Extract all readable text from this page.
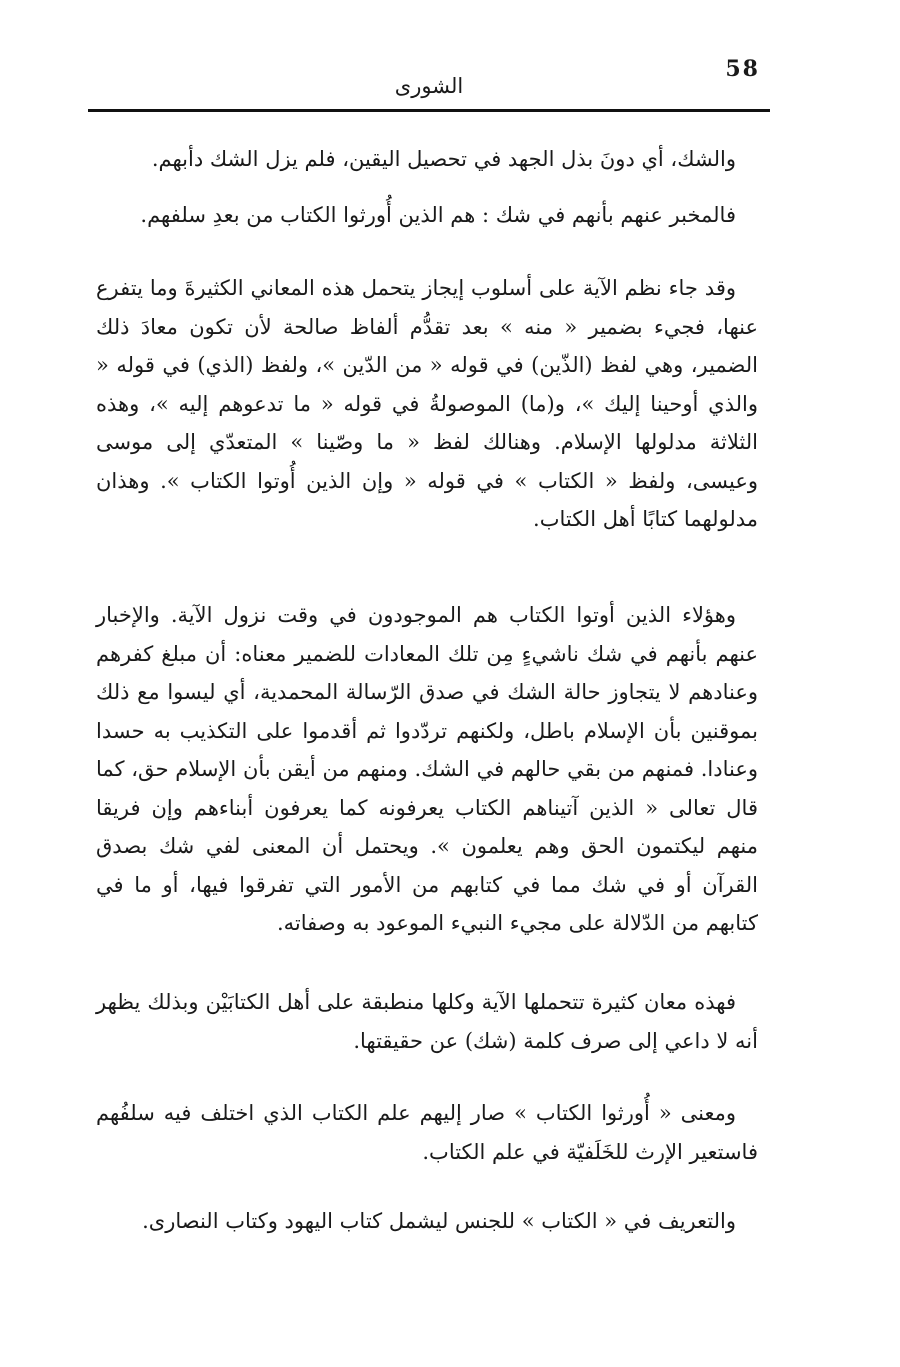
58
الشورى

والشك، أي دونَ بذل الجهد في تحصيل اليقين، فلم يزل الشك دأبهم.

فالمخبر عنهم بأنهم في شك : هم الذين أُورثوا الكتاب من بعدِ سلفهم.

وقد جاء نظم الآية على أسلوب إيجاز يتحمل هذه المعاني الكثيرةَ وما يتفرع عنها، فجيء بضمير « منه » بعد تقدُّم ألفاظ صالحة لأن تكون معادَ ذلك الضمير، وهي لفظ (الذّين) في قوله « من الدّين »، ولفظ (الذي) في قوله « والذي أوحينا إليك »، و(ما) الموصولةُ في قوله « ما تدعوهم إليه »، وهذه الثلاثة مدلولها الإسلام. وهنالك لفظ « ما وصّينا » المتعدّي إلى موسى وعيسى، ولفظ « الكتاب » في قوله « وإن الذين أُوتوا الكتاب ». وهذان مدلولهما كتابًا أهل الكتاب.

وهؤلاء الذين أوتوا الكتاب هم الموجودون في وقت نزول الآية. والإخبار عنهم بأنهم في شك ناشيءٍ مِن تلك المعادات للضمير معناه: أن مبلغ كفرهم وعنادهم لا يتجاوز حالة الشك في صدق الرّسالة المحمدية، أي ليسوا مع ذلك بموقنين بأن الإسلام باطل، ولكنهم تردّدوا ثم أقدموا على التكذيب به حسدا وعنادا. فمنهم من بقي حالهم في الشك. ومنهم من أيقن بأن الإسلام حق، كما قال تعالى « الذين آتيناهم الكتاب يعرفونه كما يعرفون أبناءهم وإن فريقا منهم ليكتمون الحق وهم يعلمون ». ويحتمل أن المعنى لفي شك بصدق القرآن أو في شك مما في كتابهم من الأمور التي تفرقوا فيها، أو ما في كتابهم من الدّلالة على مجيء النبيء الموعود به وصفاته.

فهذه معان كثيرة تتحملها الآية وكلها منطبقة على أهل الكتابَيْن وبذلك يظهر أنه لا داعي إلى صرف كلمة (شك) عن حقيقتها.

ومعنى « أُورثوا الكتاب » صار إليهم علم الكتاب الذي اختلف فيه سلفُهم فاستعير الإرث للخَلَفيّة في علم الكتاب.

والتعريف في « الكتاب » للجنس ليشمل كتاب اليهود وكتاب النصارى.
